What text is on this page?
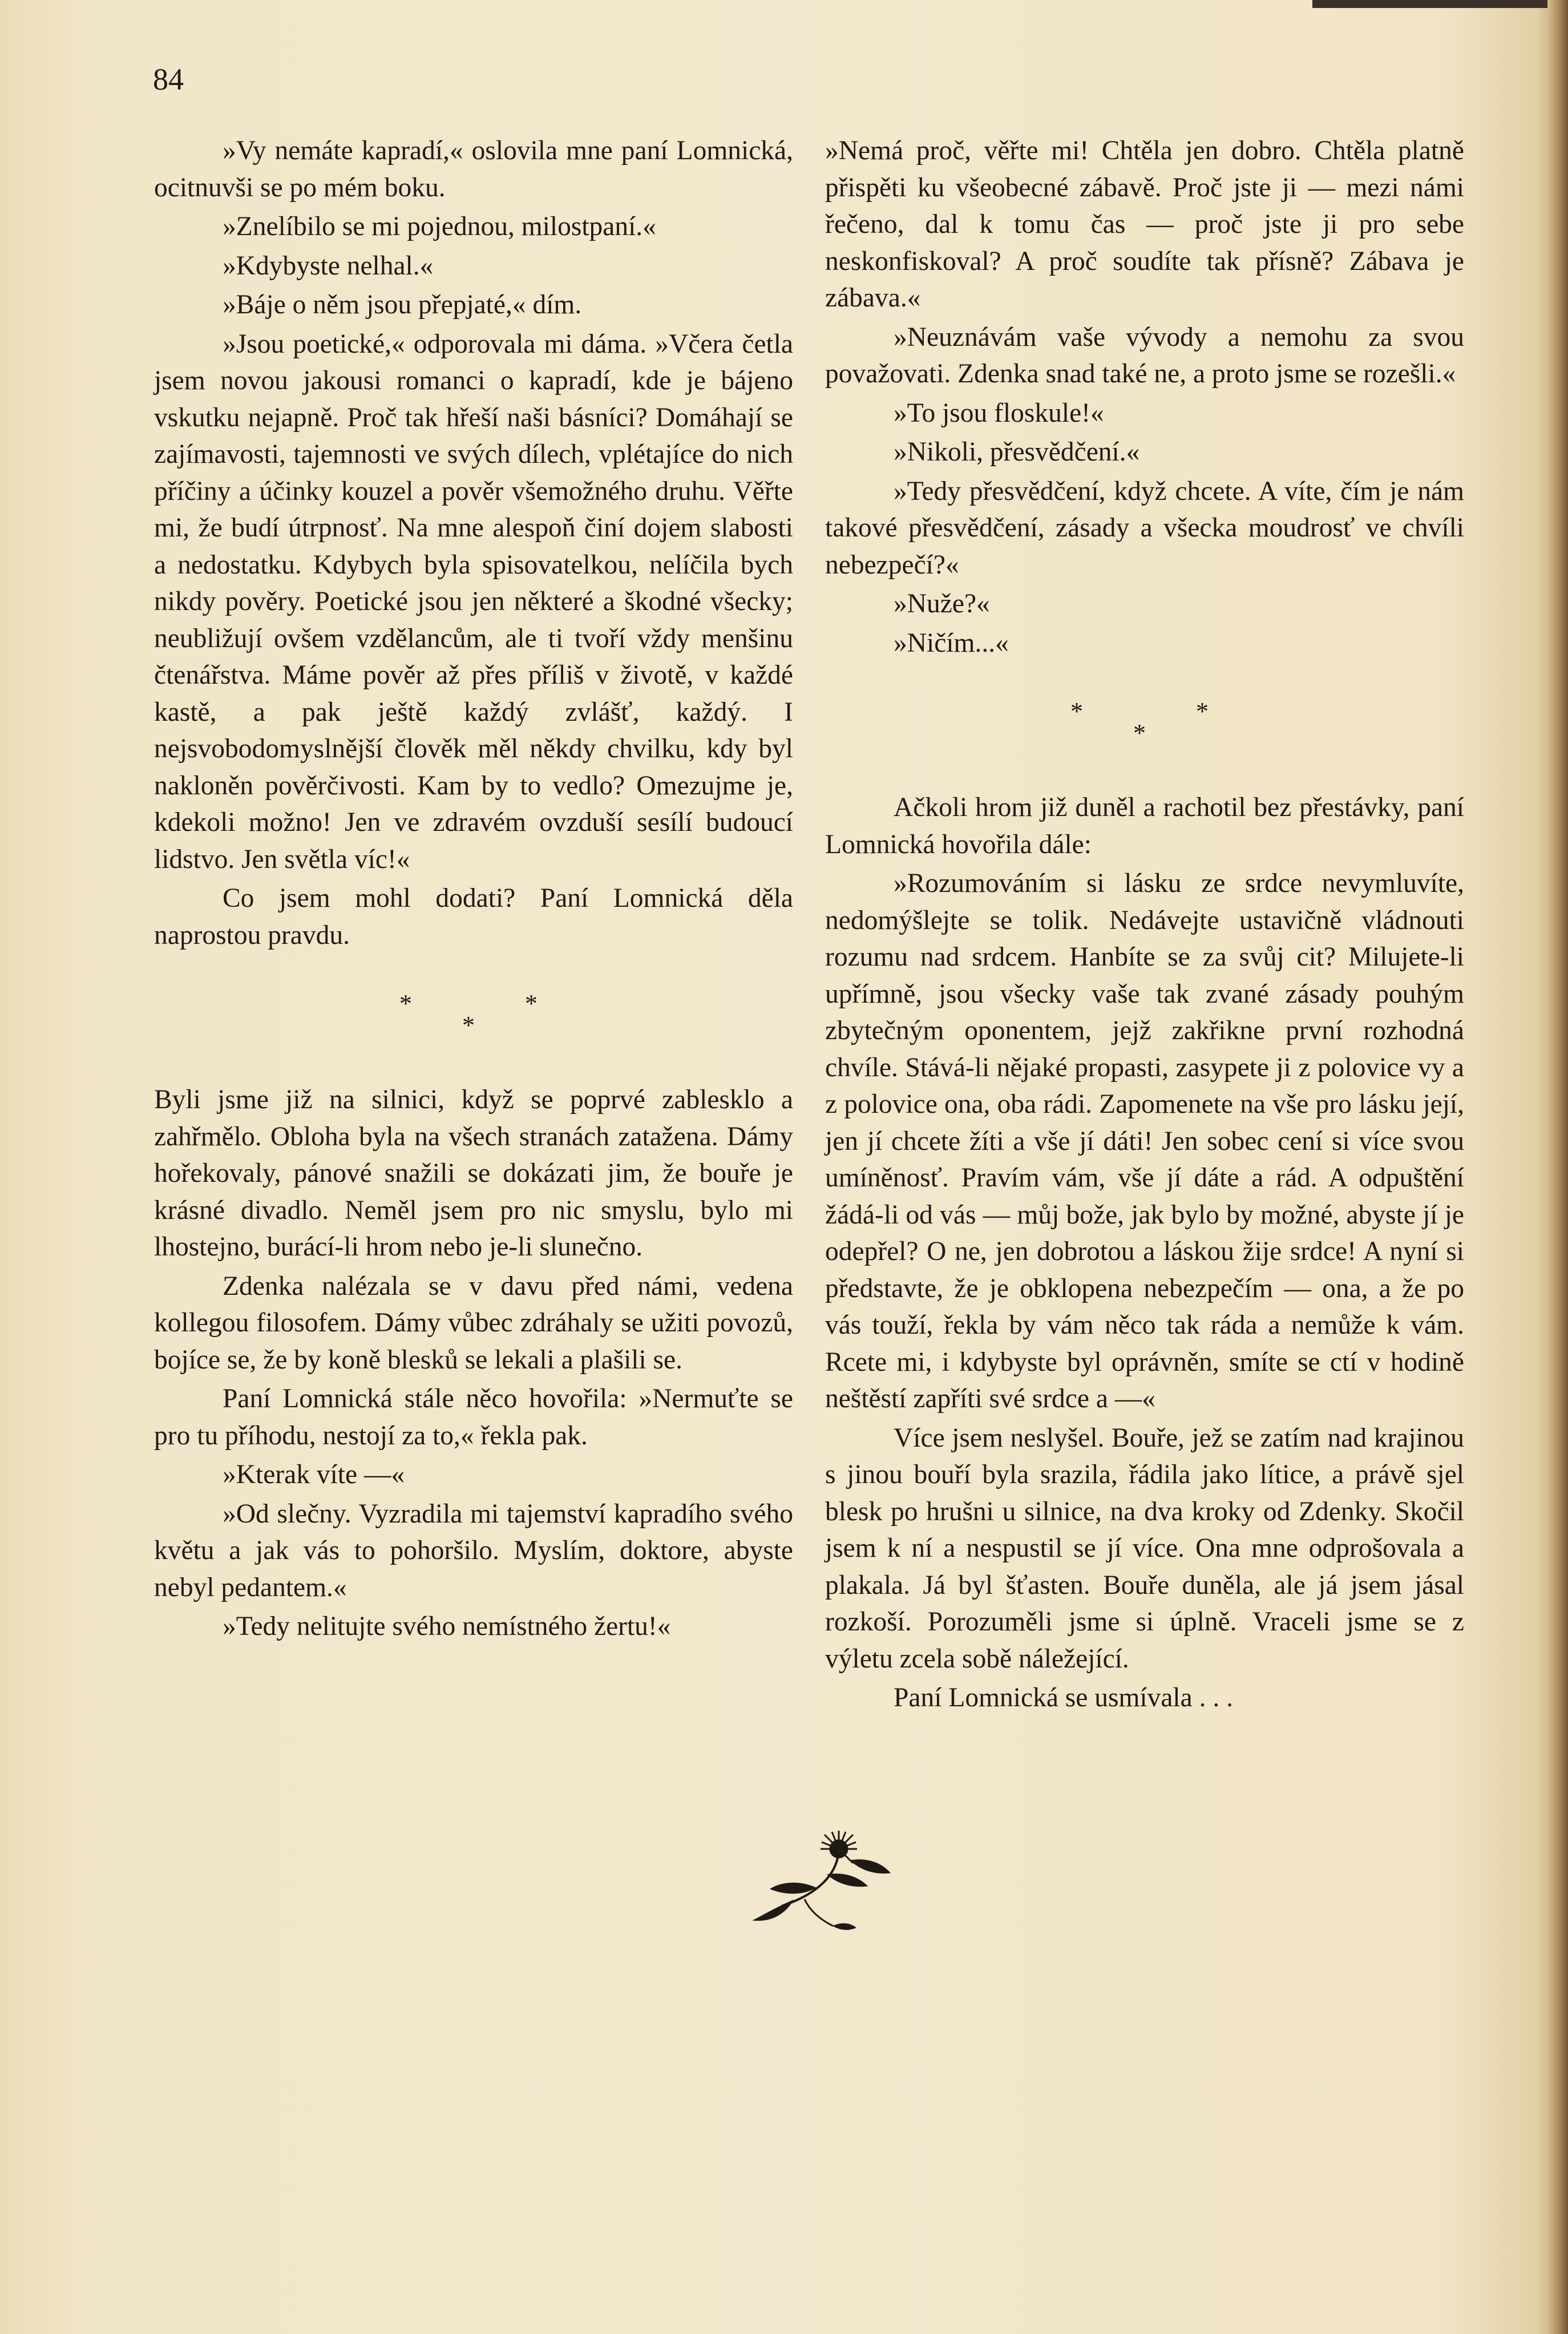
84

»Vy nemáte kapradí,« oslovila mne paní Lomnická, ocitnuvši se po mém boku.

»Znelíbilo se mi pojednou, milostpaní.«

»Kdybyste nelhal.«

»Báje o něm jsou přepjaté,« dím.

»Jsou poetické,« odporovala mi dáma. »Včera četla jsem novou jakousi romanci o kapradí, kde je bájeno vskutku nejapně. Proč tak hřeší naši básníci? Domáhají se zajímavosti, tajemnosti ve svých dílech, vplétajíce do nich příčiny a účinky kouzel a pověr všemožného druhu. Věřte mi, že budí útrpnosť. Na mne alespoň činí dojem slabosti a nedostatku. Kdybych byla spisovatelkou, nelíčila bych nikdy pověry. Poetické jsou jen některé a škodné všecky; neubližují ovšem vzdělancům, ale ti tvoří vždy menšinu čtenářstva. Máme pověr až přes příliš v životě, v každé kastě, a pak ještě každý zvlášť, každý. I nejsvobodomyslnější člověk měl někdy chvilku, kdy byl nakloněn pověrčivosti. Kam by to vedlo? Omezujme je, kdekoli možno! Jen ve zdravém ovzduší sesílí budoucí lidstvo. Jen světla víc!«

Co jsem mohl dodati? Paní Lomnická děla naprostou pravdu.

*
*
*

Byli jsme již na silnici, když se poprvé zablesklo a zahřmělo. Obloha byla na všech stranách zatažena. Dámy hořekovaly, pánové snažili se dokázati jim, že bouře je krásné divadlo. Neměl jsem pro nic smyslu, bylo mi lhostejno, burácí-li hrom nebo je-li slunečno.

Zdenka nalézala se v davu před námi, vedena kollegou filosofem. Dámy vůbec zdráhaly se užiti povozů, bojíce se, že by koně blesků se lekali a plašili se.

Paní Lomnická stále něco hovořila: »Nermuťte se pro tu příhodu, nestojí za to,« řekla pak.

»Kterak víte —«

»Od slečny. Vyzradila mi tajemství kapradího svého květu a jak vás to pohoršilo. Myslím, doktore, abyste nebyl pedantem.«

»Tedy nelitujte svého nemístného žertu!«

»Nemá proč, věřte mi! Chtěla jen dobro. Chtěla platně přispěti ku všeobecné zábavě. Proč jste ji — mezi námi řečeno, dal k tomu čas — proč jste ji pro sebe neskonfiskoval? A proč soudíte tak přísně? Zábava je zábava.«

»Neuznávám vaše vývody a nemohu za svou považovati. Zdenka snad také ne, a proto jsme se rozešli.«

»To jsou floskule!«

»Nikoli, přesvědčení.«

»Tedy přesvědčení, když chcete. A víte, čím je nám takové přesvědčení, zásady a všecka moudrosť ve chvíli nebezpečí?«

»Nuže?«

»Ničím...«

*
*
*

Ačkoli hrom již duněl a rachotil bez přestávky, paní Lomnická hovořila dále:

»Rozumováním si lásku ze srdce nevymluvíte, nedomýšlejte se tolik. Nedávejte ustavičně vládnouti rozumu nad srdcem. Hanbíte se za svůj cit? Milujete-li upřímně, jsou všecky vaše tak zvané zásady pouhým zbytečným oponentem, jejž zakřikne první rozhodná chvíle. Stává-li nějaké propasti, zasypete ji z polovice vy a z polovice ona, oba rádi. Zapomenete na vše pro lásku její, jen jí chcete žíti a vše jí dáti! Jen sobec cení si více svou umíněnosť. Pravím vám, vše jí dáte a rád. A odpuštění žádá-li od vás — můj bože, jak bylo by možné, abyste jí je odepřel? O ne, jen dobrotou a láskou žije srdce! A nyní si představte, že je obklopena nebezpečím — ona, a že po vás touží, řekla by vám něco tak ráda a nemůže k vám. Rcete mi, i kdybyste byl oprávněn, smíte se ctí v hodině neštěstí zapříti své srdce a —«

Více jsem neslyšel. Bouře, jež se zatím nad krajinou s jinou bouří byla srazila, řádila jako lítice, a právě sjel blesk po hrušni u silnice, na dva kroky od Zdenky. Skočil jsem k ní a nespustil se jí více. Ona mne odprošovala a plakala. Já byl šťasten. Bouře duněla, ale já jsem jásal rozkoší. Porozuměli jsme si úplně. Vraceli jsme se z výletu zcela sobě náležející.

Paní Lomnická se usmívala . . .
